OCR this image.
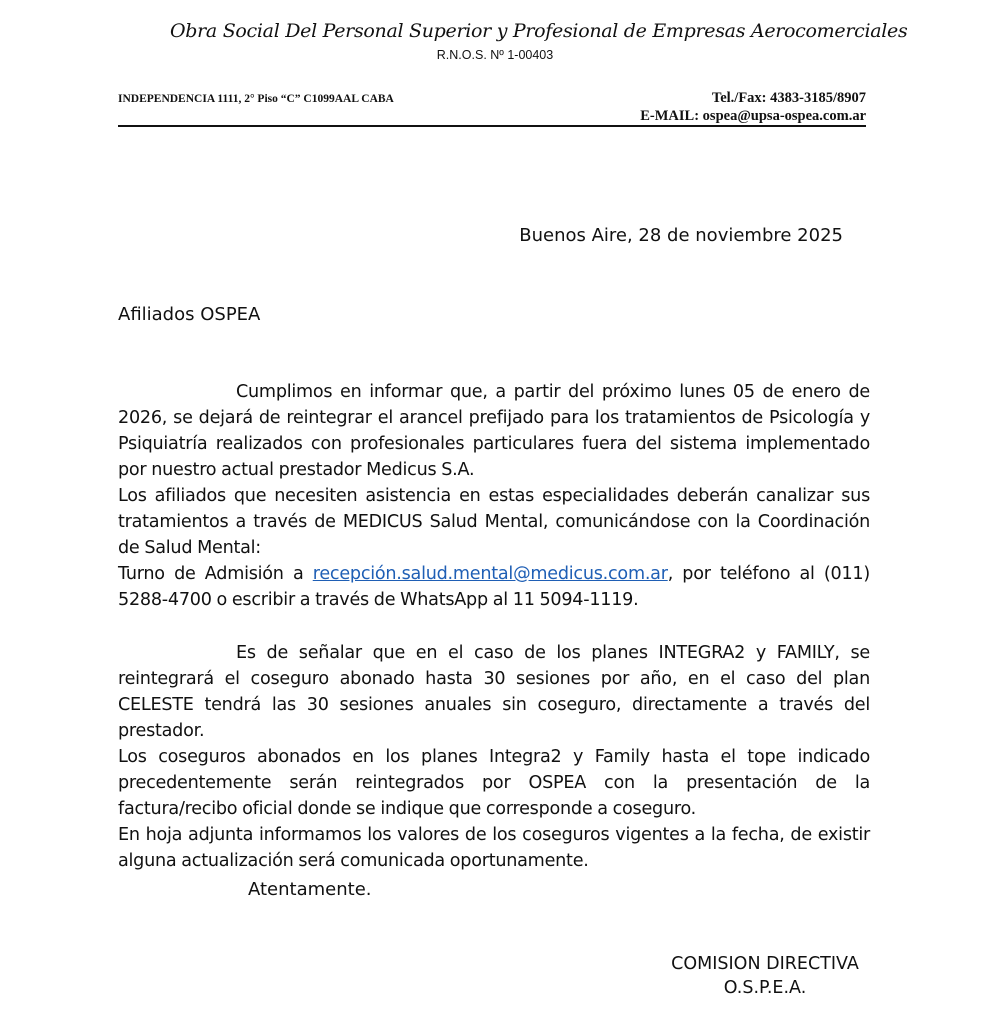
Obra Social Del Personal Superior y Profesional de Empresas Aerocomerciales
R.N.O.S. Nº 1-00403
INDEPENDENCIA 1111, 2° Piso “C” C1099AAL CABA	Tel./Fax: 4383-3185/8907
E-MAIL: ospea@upsa-ospea.com.ar
Buenos Aire, 28 de noviembre 2025
Afiliados OSPEA

Cumplimos en informar que, a partir del próximo lunes 05 de enero de 2026, se dejará de reintegrar el arancel prefijado para los tratamientos de Psicología y Psiquiatría realizados con profesionales particulares fuera del sistema implementado por nuestro actual prestador Medicus S.A.

Los afiliados que necesiten asistencia en estas especialidades deberán canalizar sus tratamientos a través de MEDICUS Salud Mental, comunicándose con la Coordinación de Salud Mental:

Turno de Admisión a recepción.salud.mental@medicus.com.ar, por teléfono al (011) 5288-4700 o escribir a través de WhatsApp al 11 5094-1119.

Es de señalar que en el caso de los planes INTEGRA2 y FAMILY, se reintegrará el coseguro abonado hasta 30 sesiones por año, en el caso del plan CELESTE tendrá las 30 sesiones anuales sin coseguro, directamente a través del prestador.

Los coseguros abonados en los planes Integra2 y Family hasta el tope indicado precedentemente serán reintegrados por OSPEA con la presentación de la factura/recibo oficial donde se indique que corresponde a coseguro.

En hoja adjunta informamos los valores de los coseguros vigentes a la fecha, de existir alguna actualización será comunicada oportunamente.

Atentamente.
COMISION DIRECTIVA
O.S.P.E.A.
